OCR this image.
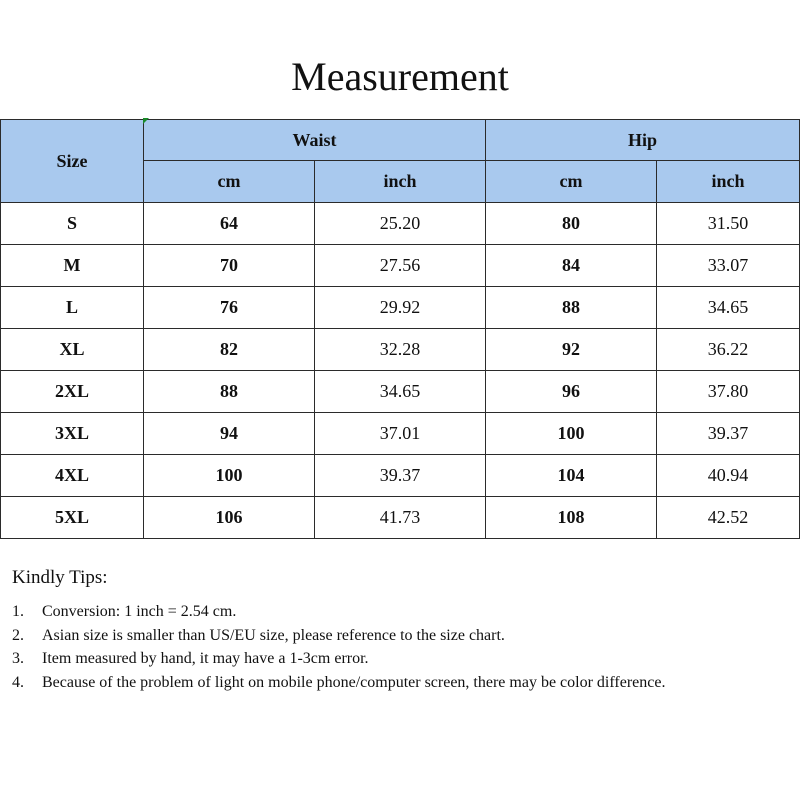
Measurement
Size	Waist		Hip	
	cm	inch	cm	inch
S	64	25.20	80	31.50
M	70	27.56	84	33.07
L	76	29.92	88	34.65
XL	82	32.28	92	36.22
2XL	88	34.65	96	37.80
3XL	94	37.01	100	39.37
4XL	100	39.37	104	40.94
5XL	106	41.73	108	42.52
Kindly Tips:
1.	Conversion: 1 inch = 2.54 cm.
2.	Asian size is smaller than US/EU size, please reference to the size chart.
3.	Item measured by hand, it may have a 1-3cm error.
4.	Because of the problem of light on mobile phone/computer screen, there may be color difference.
